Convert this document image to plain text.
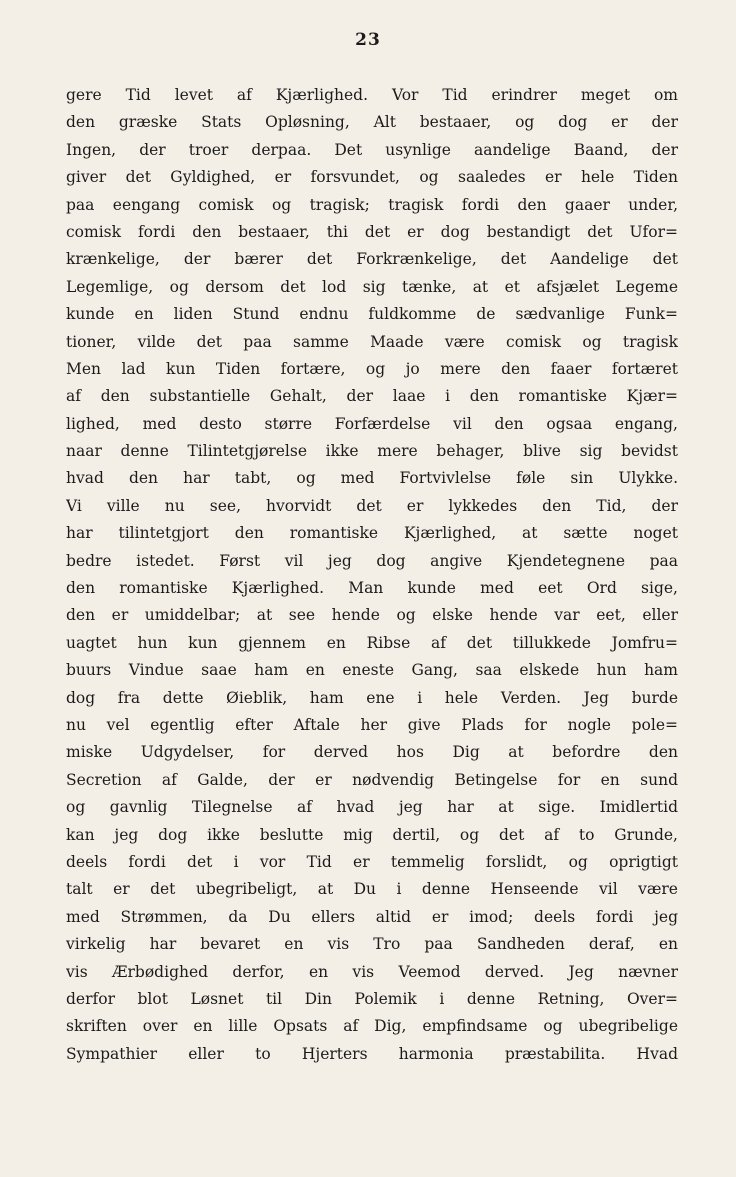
23
gere Tid levet af Kjærlighed. Vor Tid erindrer meget om
den græske Stats Opløsning, Alt bestaaer, og dog er der
Ingen, der troer derpaa. Det usynlige aandelige Baand, der
giver det Gyldighed, er forsvundet, og saaledes er hele Tiden
paa eengang comisk og tragisk; tragisk fordi den gaaer under,
comisk fordi den bestaaer, thi det er dog bestandigt det Ufor=
krænkelige, der bærer det Forkrænkelige, det Aandelige det
Legemlige, og dersom det lod sig tænke, at et afsjælet Legeme
kunde en liden Stund endnu fuldkomme de sædvanlige Funk=
tioner, vilde det paa samme Maade være comisk og tragisk
Men lad kun Tiden fortære, og jo mere den faaer fortæret
af den substantielle Gehalt, der laae i den romantiske Kjær=
lighed, med desto større Forfærdelse vil den ogsaa engang,
naar denne Tilintetgjørelse ikke mere behager, blive sig bevidst
hvad den har tabt, og med Fortvivlelse føle sin Ulykke.
Vi ville nu see, hvorvidt det er lykkedes den Tid, der
har tilintetgjort den romantiske Kjærlighed, at sætte noget
bedre istedet. Først vil jeg dog angive Kjendetegnene paa
den romantiske Kjærlighed. Man kunde med eet Ord sige,
den er umiddelbar; at see hende og elske hende var eet, eller
uagtet hun kun gjennem en Ribse af det tillukkede Jomfru=
buurs Vindue saae ham en eneste Gang, saa elskede hun ham
dog fra dette Øieblik, ham ene i hele Verden. Jeg burde
nu vel egentlig efter Aftale her give Plads for nogle pole=
miske Udgydelser, for derved hos Dig at befordre den
Secretion af Galde, der er nødvendig Betingelse for en sund
og gavnlig Tilegnelse af hvad jeg har at sige. Imidlertid
kan jeg dog ikke beslutte mig dertil, og det af to Grunde,
deels fordi det i vor Tid er temmelig forslidt, og oprigtigt
talt er det ubegribeligt, at Du i denne Henseende vil være
med Strømmen, da Du ellers altid er imod; deels fordi jeg
virkelig har bevaret en vis Tro paa Sandheden deraf, en
vis Ærbødighed derfor, en vis Veemod derved. Jeg nævner
derfor blot Løsnet til Din Polemik i denne Retning, Over=
skriften over en lille Opsats af Dig, empfindsame og ubegribelige
Sympathier eller to Hjerters harmonia præstabilita. Hvad
